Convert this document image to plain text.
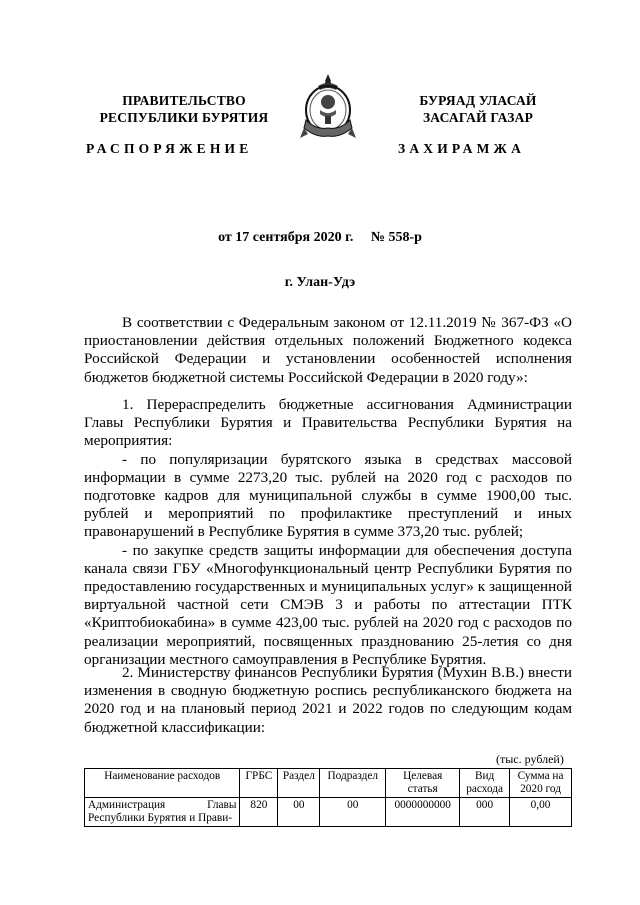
ПРАВИТЕЛЬСТВО
РЕСПУБЛИКИ БУРЯТИЯ
БУРЯАД УЛАСАЙ
ЗАСАГАЙ ГАЗАР
РАСПОРЯЖЕНИЕ	ЗАХИРАМЖА
от 17 сентября 2020 г.     № 558-р
г. Улан-Удэ

В соответствии с Федеральным законом от 12.11.2019 № 367-ФЗ «О приостановлении действия отдельных положений Бюджетного кодекса Российской Федерации и установлении особенностей исполнения бюджетов бюджетной системы Российской Федерации в 2020 году»:

1. Перераспределить бюджетные ассигнования Администрации Главы Республики Бурятия и Правительства Республики Бурятия на мероприятия:

- по популяризации бурятского языка в средствах массовой информации в сумме 2273,20 тыс. рублей на 2020 год с расходов по подготовке кадров для муниципальной службы в сумме 1900,00 тыс. рублей и мероприятий по профилактике преступлений и иных правонарушений в Республике Бурятия в сумме 373,20 тыс. рублей;

- по закупке средств защиты информации для обеспечения доступа канала связи ГБУ «Многофункциональный центр Республики Бурятия по предоставлению государственных и муниципальных услуг» к защищенной виртуальной частной сети СМЭВ 3 и работы по аттестации ПТК «Криптобиокабина» в сумме 423,00 тыс. рублей на 2020 год с расходов по реализации мероприятий, посвященных празднованию 25-летия со дня организации местного самоуправления в Республике Бурятия.

2. Министерству финансов Республики Бурятия (Мухин В.В.) внести изменения в сводную бюджетную роспись республиканского бюджета на 2020 год и на плановый период 2021 и 2022 годов по следующим кодам бюджетной классификации:

(тыс. рублей)
Наименование расходов	ГРБС	Раздел	Подраздел	Целевая статья	Вид расхода	Сумма на 2020 год
Администрация Главы Республики Бурятия и Прави-	820	00	00	0000000000	000	0,00
